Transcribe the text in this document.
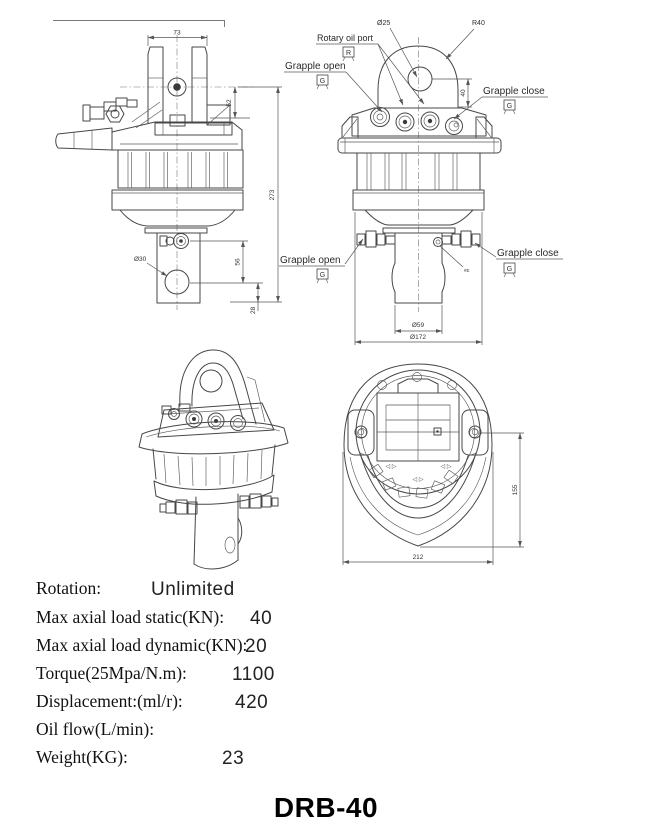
73
52
273
56
28
Ø30
Ø25	R40
40
Rotary oil port
R
Grapple open
G
Grapple close
G
Grapple open
G
Grapple close
G
#E
Ø59
Ø172
◁ ▷	◁ ▷
◁ ▷
155
212
Rotation:	Unlimited
Max axial load static(KN): 40
Max axial load dynamic(KN):
20
Torque(25Mpa/N.m): 1100
Displacement:(ml/r):	420
Oil flow(L/min):
Weight(KG):	23
DRB-40
